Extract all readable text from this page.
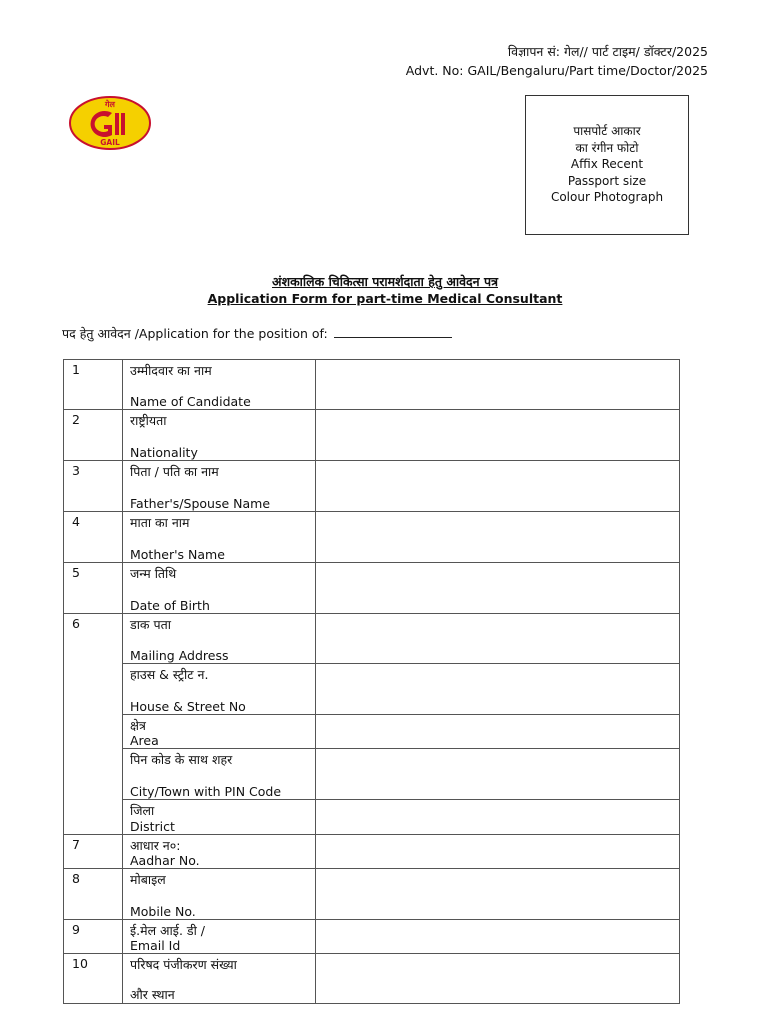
विज्ञापन सं: गेल// पार्ट टाइम/ डॉक्टर/2025
Advt. No: GAIL/Bengaluru/Part time/Doctor/2025
गेल
GAIL
पासपोर्ट आकार
का रंगीन फोटो
Affix Recent
Passport size
Colour Photograph
अंशकालिक चिकित्सा परामर्शदाता हेतु आवेदन पत्र
Application Form for part-time Medical Consultant
पद हेतु आवेदन /Application for the position of:
1	उम्मीदवार का नाम
Name of Candidate	

2	राष्ट्रीयता
Nationality	

3	पिता / पति का नाम
Father's/Spouse Name	

4	माता का नाम
Mother's Name	

5	जन्म तिथि
Date of Birth	

6	डाक पता
Mailing Address	

	हाउस & स्ट्रीट न.
House & Street No	

	क्षेत्र
Area	

	पिन कोड के साथ शहर
City/Town with PIN Code	

	जिला
District	

7	आधार न०:
Aadhar No.	

8	मोबाइल
Mobile No.	

9	ई.मेल आई. डी /
Email Id	

10	परिषद पंजीकरण संख्या
और स्थान	
